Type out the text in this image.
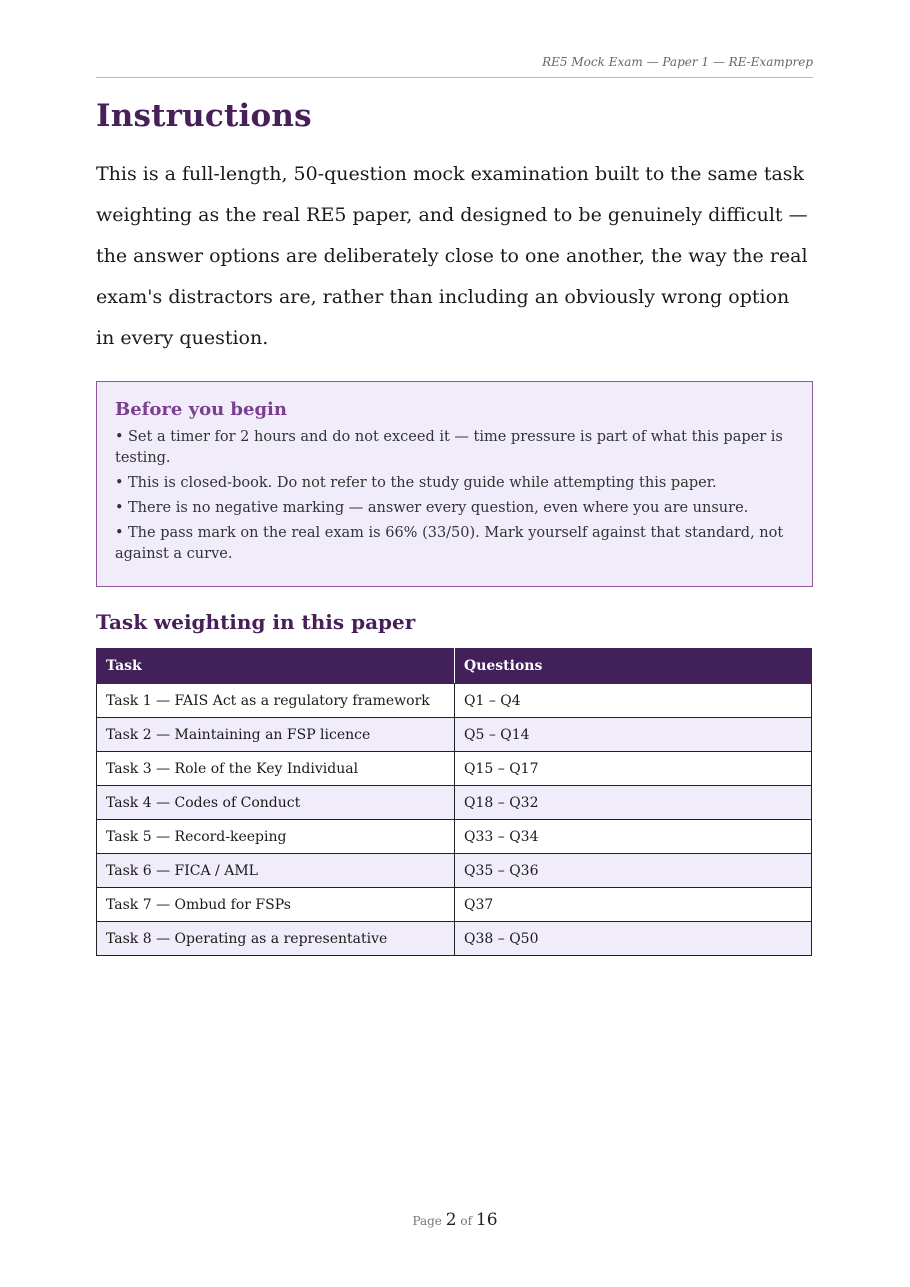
RE5 Mock Exam — Paper 1 — RE-Examprep
Instructions

This is a full-length, 50-question mock examination built to the same task weighting as the real RE5 paper, and designed to be genuinely difficult — the answer options are deliberately close to one another, the way the real exam's distractors are, rather than including an obviously wrong option in every question.

Before you begin
• Set a timer for 2 hours and do not exceed it — time pressure is part of what this paper is testing.
• This is closed-book. Do not refer to the study guide while attempting this paper.
• There is no negative marking — answer every question, even where you are unsure.
• The pass mark on the real exam is 66% (33/50). Mark yourself against that standard, not against a curve.
Task weighting in this paper
Task	Questions
Task 1 — FAIS Act as a regulatory framework	Q1 – Q4
Task 2 — Maintaining an FSP licence	Q5 – Q14
Task 3 — Role of the Key Individual	Q15 – Q17
Task 4 — Codes of Conduct	Q18 – Q32
Task 5 — Record-keeping	Q33 – Q34
Task 6 — FICA / AML	Q35 – Q36
Task 7 — Ombud for FSPs	Q37
Task 8 — Operating as a representative	Q38 – Q50
Page 2 of 16
